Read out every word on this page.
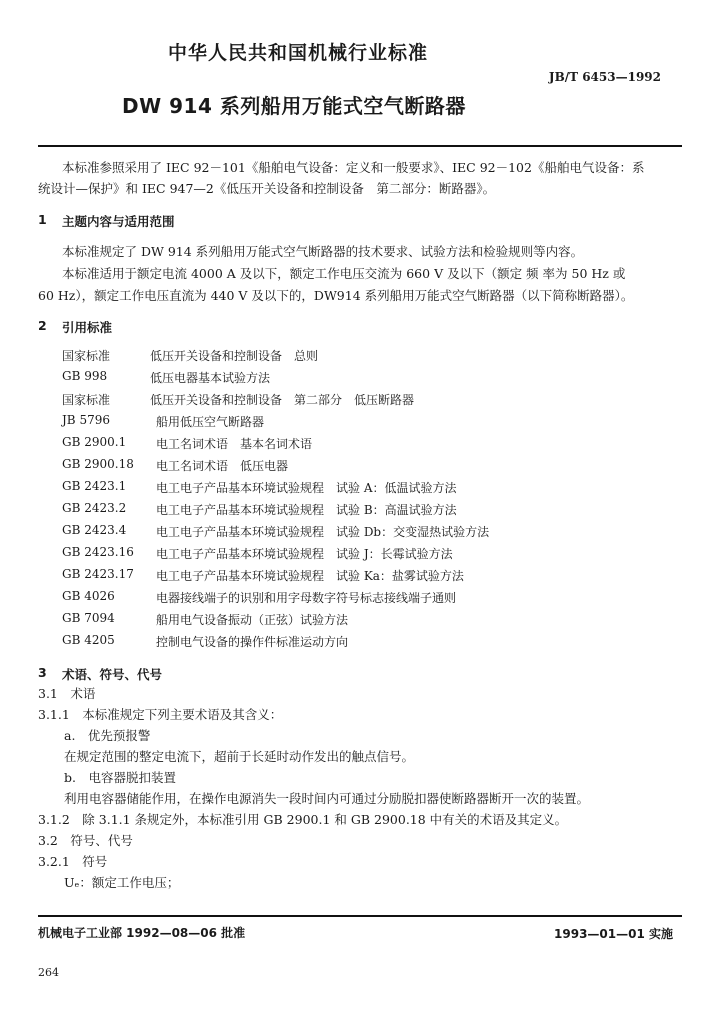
中华人民共和国机械行业标准
JB/T 6453—1992
DW 914 系列船用万能式空气断路器
本标准参照采用了 IEC 92－101《船舶电气设备：定义和一般要求》、IEC 92－102《船舶电气设备：系
统设计—保护》和 IEC 947—2《低压开关设备和控制设备　第二部分：断路器》。
1 主题内容与适用范围
本标准规定了 DW 914 系列船用万能式空气断路器的技术要求、试验方法和检验规则等内容。
本标准适用于额定电流 4000 A 及以下，额定工作电压交流为 660 V 及以下（额定 频 率为 50 Hz 或
60 Hz），额定工作电压直流为 440 V 及以下的，DW914 系列船用万能式空气断路器（以下简称断路器）。
2 引用标准
国家标准	低压开关设备和控制设备　总则
GB 998	低压电器基本试验方法
国家标准	低压开关设备和控制设备　第二部分　低压断路器
JB 5796	船用低压空气断路器
GB 2900.1 电工名词术语　基本名词术语
GB 2900.18 电工名词术语　低压电器
GB 2423.1 电工电子产品基本环境试验规程　试验 A：低温试验方法
GB 2423.2 电工电子产品基本环境试验规程　试验 B：高温试验方法
GB 2423.4 电工电子产品基本环境试验规程　试验 Db：交变湿热试验方法
GB 2423.16 电工电子产品基本环境试验规程　试验 J：长霉试验方法
GB 2423.17 电工电子产品基本环境试验规程　试验 Ka：盐雾试验方法
GB 4026	电器接线端子的识别和用字母数字符号标志接线端子通则
GB 7094	船用电气设备振动（正弦）试验方法
GB 4205	控制电气设备的操作件标准运动方向
3 术语、符号、代号
3.1　术语
3.1.1　本标准规定下列主要术语及其含义：
a.　优先预报警
在规定范围的整定电流下，超前于长延时动作发出的触点信号。
b.　电容器脱扣装置
利用电容器储能作用，在操作电源消失一段时间内可通过分励脱扣器使断路器断开一次的装置。
3.1.2　除 3.1.1 条规定外，本标准引用 GB 2900.1 和 GB 2900.18 中有关的术语及其定义。
3.2　符号、代号
3.2.1　符号
Uₑ：额定工作电压；
机械电子工业部 1992—08—06 批准	1993—01—01 实施
264
